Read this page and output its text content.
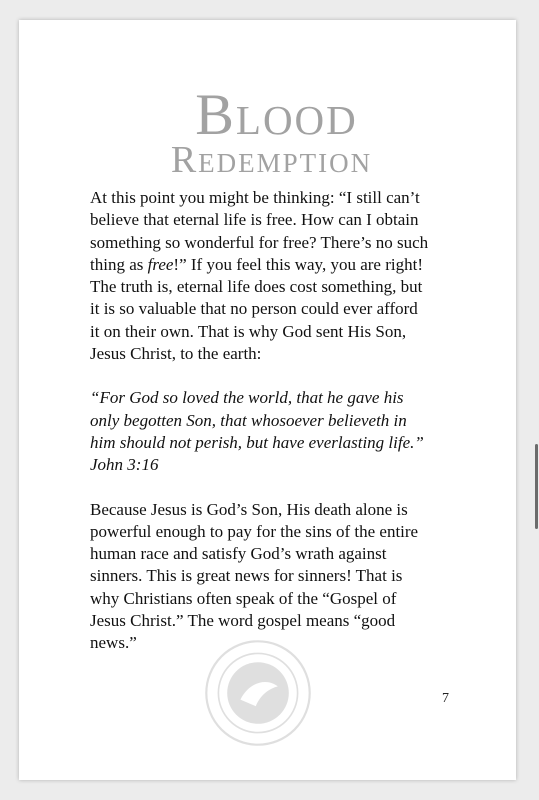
Blood
Redemption

At this point you might be thinking: “I still can’t believe that eternal life is free. How can I obtain something so wonderful for free? There’s no such thing as free!” If you feel this way, you are right! The truth is, eternal life does cost something, but it is so valuable that no person could ever afford it on their own. That is why God sent His Son, Jesus Christ, to the earth:

“For God so loved the world, that he gave his only begotten Son, that whosoever believeth in him should not perish, but have everlasting life.”
John 3:16

Because Jesus is God’s Son, His death alone is powerful enough to pay for the sins of the entire human race and satisfy God’s wrath against sinners. This is great news for sinners! That is why Christians often speak of the “Gospel of Jesus Christ.” The word gospel means “good news.”

7
